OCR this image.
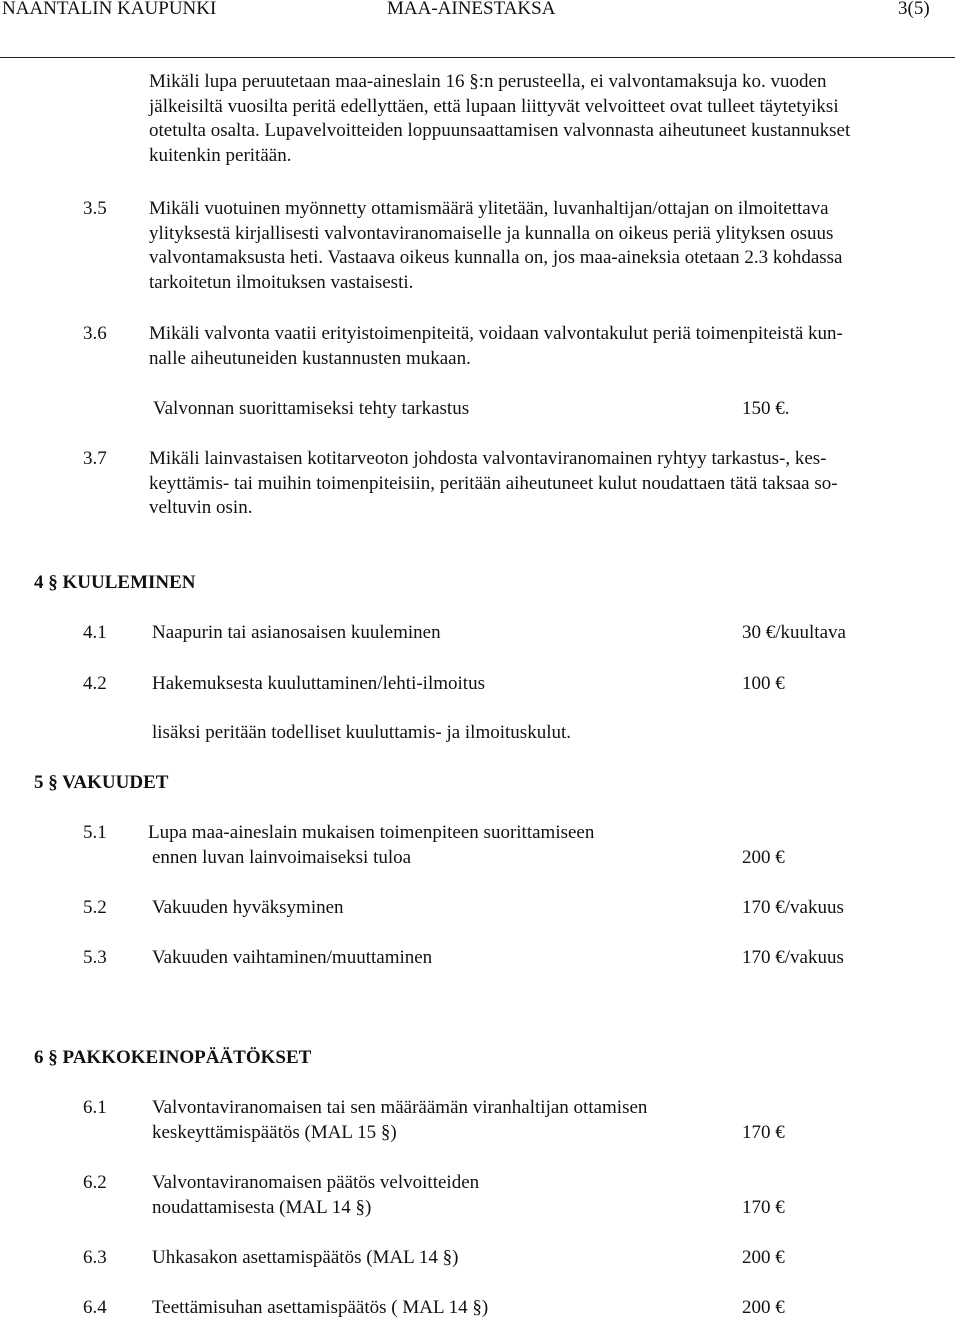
NAANTALIN KAUPUNKI	MAA-AINESTAKSA	3(5)
Mikäli lupa peruutetaan maa-aineslain 16 §:n perusteella, ei valvontamaksuja ko. vuoden
jälkeisiltä vuosilta peritä edellyttäen, että lupaan liittyvät velvoitteet ovat tulleet täytetyiksi
otetulta osalta. Lupavelvoitteiden loppuunsaattamisen valvonnasta aiheutuneet kustannukset
kuitenkin peritään.
3.5 Mikäli vuotuinen myönnetty ottamismäärä ylitetään, luvanhaltijan/ottajan on ilmoitettava
ylityksestä kirjallisesti valvontaviranomaiselle ja kunnalla on oikeus periä ylityksen osuus
valvontamaksusta heti. Vastaava oikeus kunnalla on, jos maa-aineksia otetaan 2.3 kohdassa
tarkoitetun ilmoituksen vastaisesti.
3.6 Mikäli valvonta vaatii erityistoimenpiteitä, voidaan valvontakulut periä toimenpiteistä kun-
nalle aiheutuneiden kustannusten mukaan.
Valvonnan suorittamiseksi tehty tarkastus	150 €.
3.7 Mikäli lainvastaisen kotitarveoton johdosta valvontaviranomainen ryhtyy tarkastus-, kes-
keyttämis- tai muihin toimenpiteisiin, peritään aiheutuneet kulut noudattaen tätä taksaa so-
veltuvin osin.
4 § KUULEMINEN
4.1 Naapurin tai asianosaisen kuuleminen	30 €/kuultava
4.2 Hakemuksesta kuuluttaminen/lehti-ilmoitus	100 €
lisäksi peritään todelliset kuuluttamis- ja ilmoituskulut.
5 § VAKUUDET
5.1 Lupa maa-aineslain mukaisen toimenpiteen suorittamiseen
ennen luvan lainvoimaiseksi tuloa	200 €
5.2 Vakuuden hyväksyminen	170 €/vakuus
5.3 Vakuuden vaihtaminen/muuttaminen	170 €/vakuus
6 § PAKKOKEINOPÄÄTÖKSET
6.1 Valvontaviranomaisen tai sen määräämän viranhaltijan ottamisen
keskeyttämispäätös (MAL 15 §)	170 €
6.2 Valvontaviranomaisen päätös velvoitteiden
noudattamisesta (MAL 14 §)	170 €
6.3 Uhkasakon asettamispäätös (MAL 14 §)	200 €
6.4 Teettämisuhan asettamispäätös ( MAL 14 §)	200 €
